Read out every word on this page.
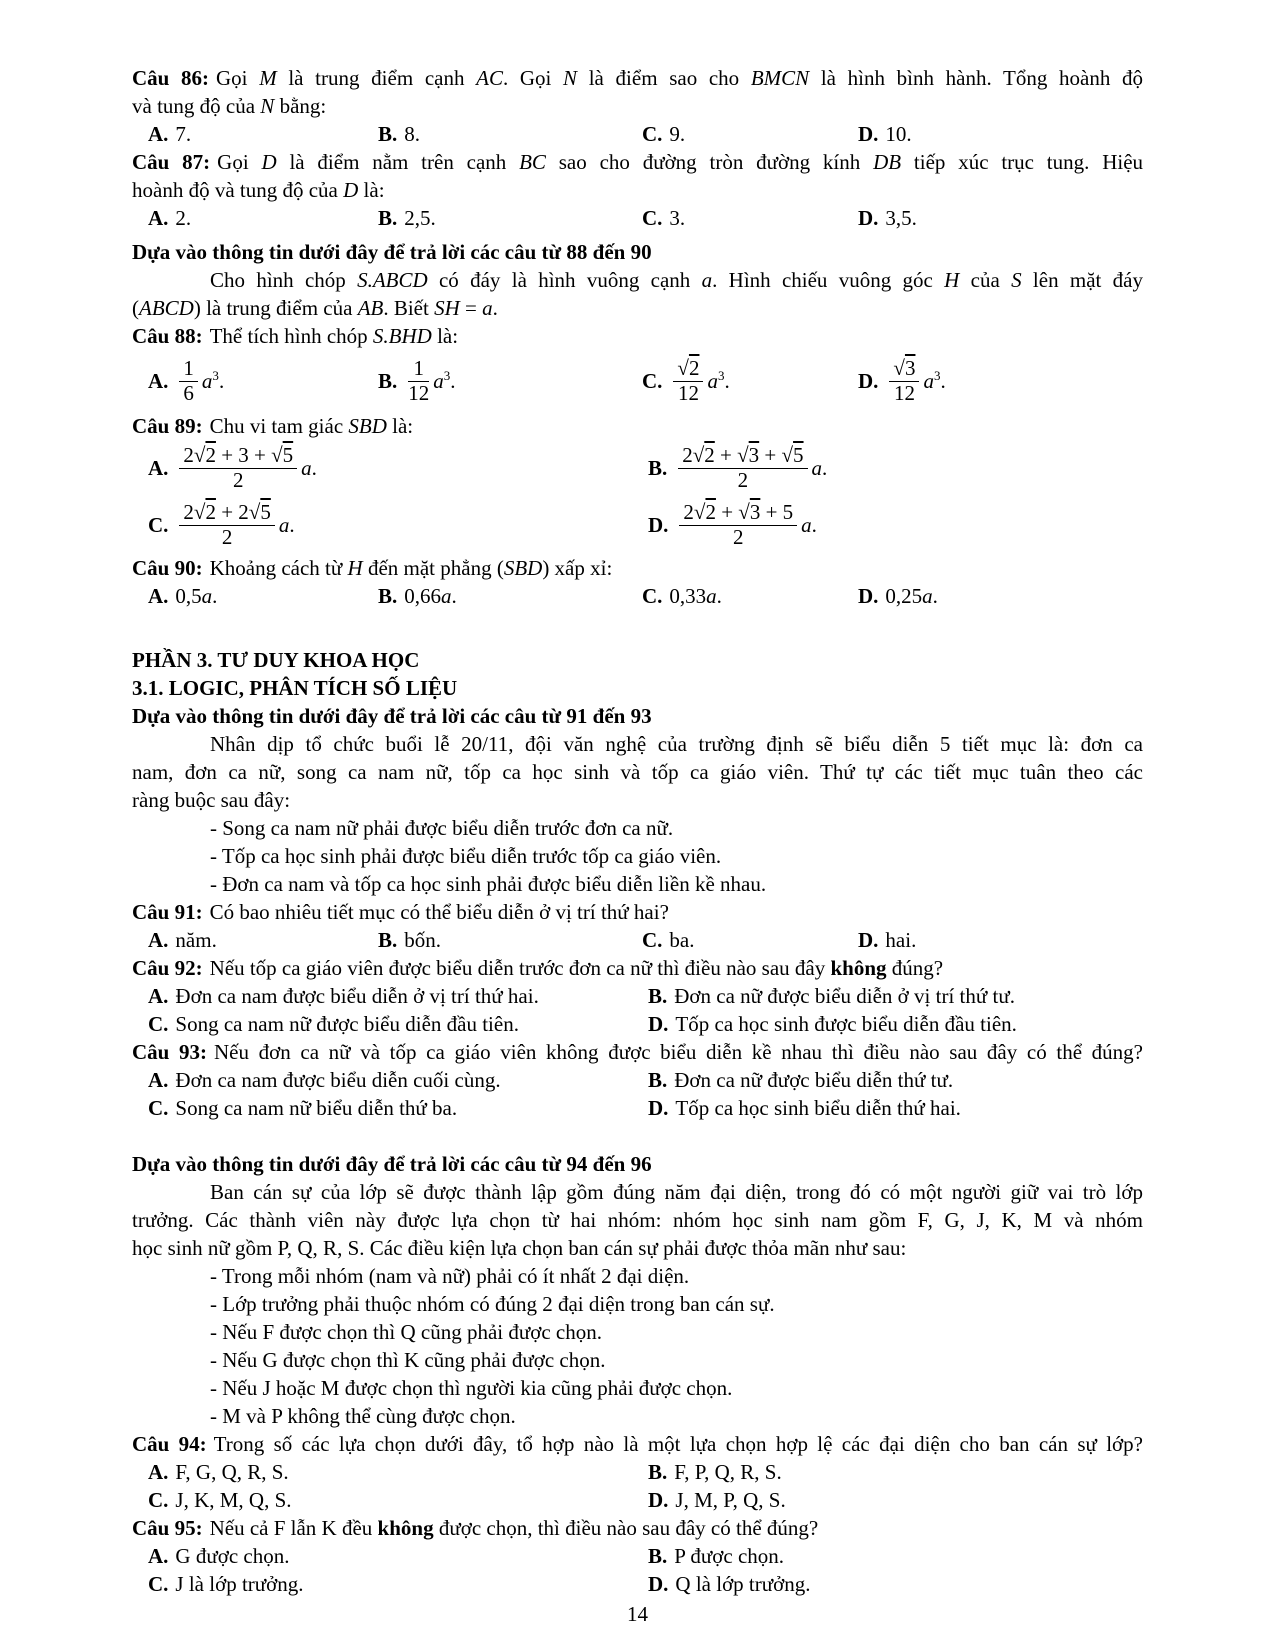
Câu 86: Gọi M là trung điểm cạnh AC. Gọi N là điểm sao cho BMCN là hình bình hành. Tổng hoành độ
và tung độ của N bằng:
A. 7.	B. 8.	C. 9.	D. 10.
Câu 87: Gọi D là điểm nằm trên cạnh BC sao cho đường tròn đường kính DB tiếp xúc trục tung. Hiệu
hoành độ và tung độ của D là:
A. 2.	B. 2,5.	C. 3.	D. 3,5.
Dựa vào thông tin dưới đây để trả lời các câu từ 88 đến 90
Cho hình chóp S.ABCD có đáy là hình vuông cạnh a. Hình chiếu vuông góc H của S lên mặt đáy
(ABCD) là trung điểm của AB. Biết SH = a.
Câu 88: Thể tích hình chóp S.BHD là:
A. $\frac{1}{6} a^3$.	B. $\frac{1}{12} a^3$.	C. $\frac{√2}{12} a^3$.	D. $\frac{√3}{12} a^3$.
Câu 89: Chu vi tam giác SBD là:
A. $\frac{2√2 + 3 + √5}{2} a$.	B. $\frac{2√2 + √3 + √5}{2} a$.
C. $\frac{2√2 + 2√5}{2} a$.	D. $\frac{2√2 + √3 + 5}{2} a$.
Câu 90: Khoảng cách từ H đến mặt phẳng (SBD) xấp xỉ:
A. 0,5a.	B. 0,66a.	C. 0,33a.	D. 0,25a.
PHẦN 3. TƯ DUY KHOA HỌC
3.1. LOGIC, PHÂN TÍCH SỐ LIỆU
Dựa vào thông tin dưới đây để trả lời các câu từ 91 đến 93
Nhân dịp tổ chức buổi lễ 20/11, đội văn nghệ của trường định sẽ biểu diễn 5 tiết mục là: đơn ca
nam, đơn ca nữ, song ca nam nữ, tốp ca học sinh và tốp ca giáo viên. Thứ tự các tiết mục tuân theo các
ràng buộc sau đây:
- Song ca nam nữ phải được biểu diễn trước đơn ca nữ.
- Tốp ca học sinh phải được biểu diễn trước tốp ca giáo viên.
- Đơn ca nam và tốp ca học sinh phải được biểu diễn liền kề nhau.
Câu 91: Có bao nhiêu tiết mục có thể biểu diễn ở vị trí thứ hai?
A. năm.	B. bốn.	C. ba.	D. hai.
Câu 92: Nếu tốp ca giáo viên được biểu diễn trước đơn ca nữ thì điều nào sau đây không đúng?
A. Đơn ca nam được biểu diễn ở vị trí thứ hai.	B. Đơn ca nữ được biểu diễn ở vị trí thứ tư.
C. Song ca nam nữ được biểu diễn đầu tiên.	D. Tốp ca học sinh được biểu diễn đầu tiên.
Câu 93: Nếu đơn ca nữ và tốp ca giáo viên không được biểu diễn kề nhau thì điều nào sau đây có thể đúng?
A. Đơn ca nam được biểu diễn cuối cùng.	B. Đơn ca nữ được biểu diễn thứ tư.
C. Song ca nam nữ biểu diễn thứ ba.	D. Tốp ca học sinh biểu diễn thứ hai.
Dựa vào thông tin dưới đây để trả lời các câu từ 94 đến 96
Ban cán sự của lớp sẽ được thành lập gồm đúng năm đại diện, trong đó có một người giữ vai trò lớp
trưởng. Các thành viên này được lựa chọn từ hai nhóm: nhóm học sinh nam gồm F, G, J, K, M và nhóm
học sinh nữ gồm P, Q, R, S. Các điều kiện lựa chọn ban cán sự phải được thỏa mãn như sau:
- Trong mỗi nhóm (nam và nữ) phải có ít nhất 2 đại diện.
- Lớp trưởng phải thuộc nhóm có đúng 2 đại diện trong ban cán sự.
- Nếu F được chọn thì Q cũng phải được chọn.
- Nếu G được chọn thì K cũng phải được chọn.
- Nếu J hoặc M được chọn thì người kia cũng phải được chọn.
- M và P không thể cùng được chọn.
Câu 94: Trong số các lựa chọn dưới đây, tổ hợp nào là một lựa chọn hợp lệ các đại diện cho ban cán sự lớp?
A. F, G, Q, R, S.	B. F, P, Q, R, S.
C. J, K, M, Q, S.	D. J, M, P, Q, S.
Câu 95: Nếu cả F lẫn K đều không được chọn, thì điều nào sau đây có thể đúng?
A. G được chọn.	B. P được chọn.
C. J là lớp trưởng.	D. Q là lớp trưởng.
14
